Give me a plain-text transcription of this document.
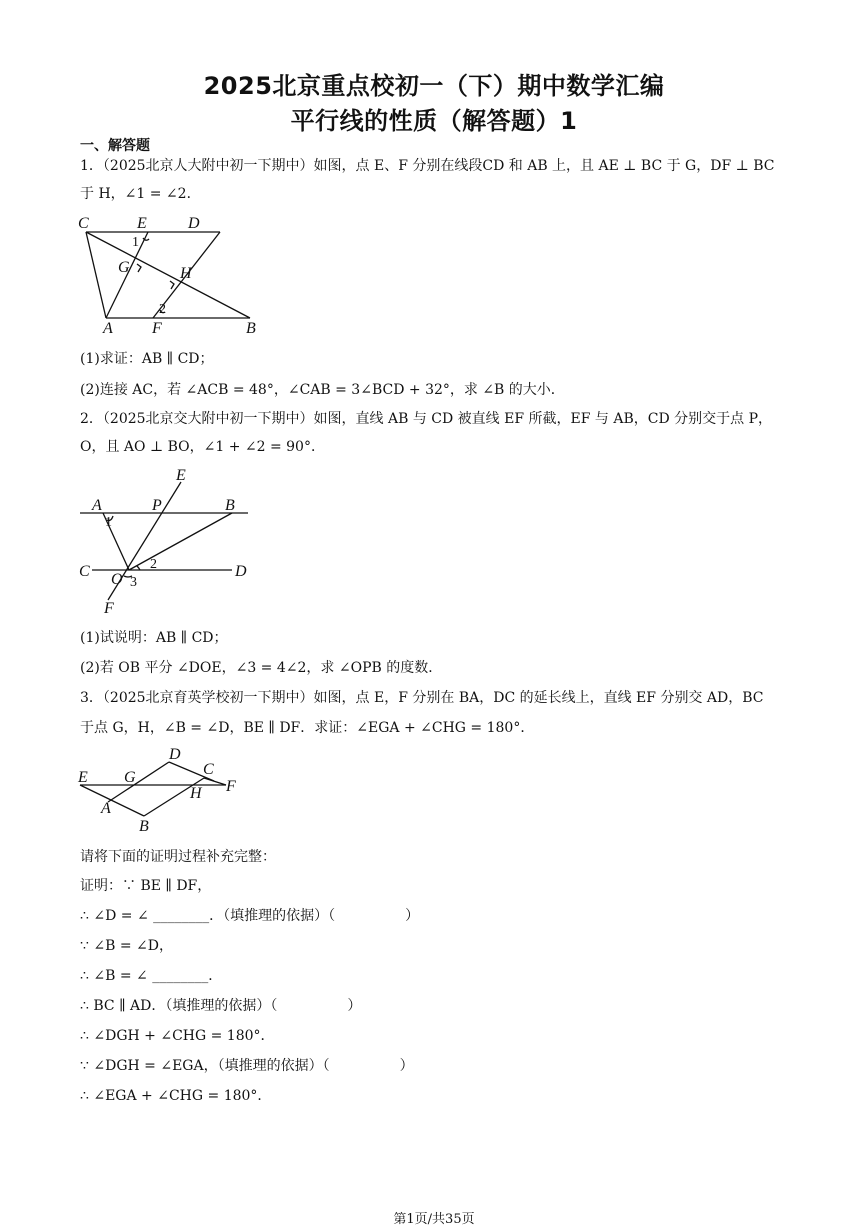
2025北京重点校初一（下）期中数学汇编
平行线的性质（解答题）1
一、解答题
1．（2025北京人大附中初一下期中）如图，点 E、F 分别在线段CD 和 AB 上，且 AE ⊥ BC 于 G，DF ⊥ BC
于 H，∠1 = ∠2．
C	E	D
1
G	H
2
A F	B
(1)求证：AB ∥ CD；
(2)连接 AC，若 ∠ACB = 48°，∠CAB = 3∠BCD + 32°，求 ∠B 的大小．
2．（2025北京交大附中初一下期中）如图，直线 AB 与 CD 被直线 EF 所截，EF 与 AB，CD 分别交于点 P，
O，且 AO ⊥ BO，∠1 + ∠2 = 90°．
E
A	P	B
1
C O
2
3
D
F
(1)试说明：AB ∥ CD；
(2)若 OB 平分 ∠DOE，∠3 = 4∠2，求 ∠OPB 的度数．
3．（2025北京育英学校初一下期中）如图，点 E，F 分别在 BA，DC 的延长线上，直线 EF 分别交 AD，BC
于点 G，H，∠B = ∠D，BE ∥ DF．求证：∠EGA + ∠CHG = 180°．
D
E G	C
H F
A
B
请将下面的证明过程补充完整：
证明：∵ BE ∥ DF，
∴ ∠D = ∠ ________．（填推理的依据）（　　　　　）
∵ ∠B = ∠D，
∴ ∠B = ∠ ________．
∴ BC ∥ AD．（填推理的依据）（　　　　　）
∴ ∠DGH + ∠CHG = 180°．
∵ ∠DGH = ∠EGA，（填推理的依据）（　　　　　）
∴ ∠EGA + ∠CHG = 180°．
第1页/共35页
